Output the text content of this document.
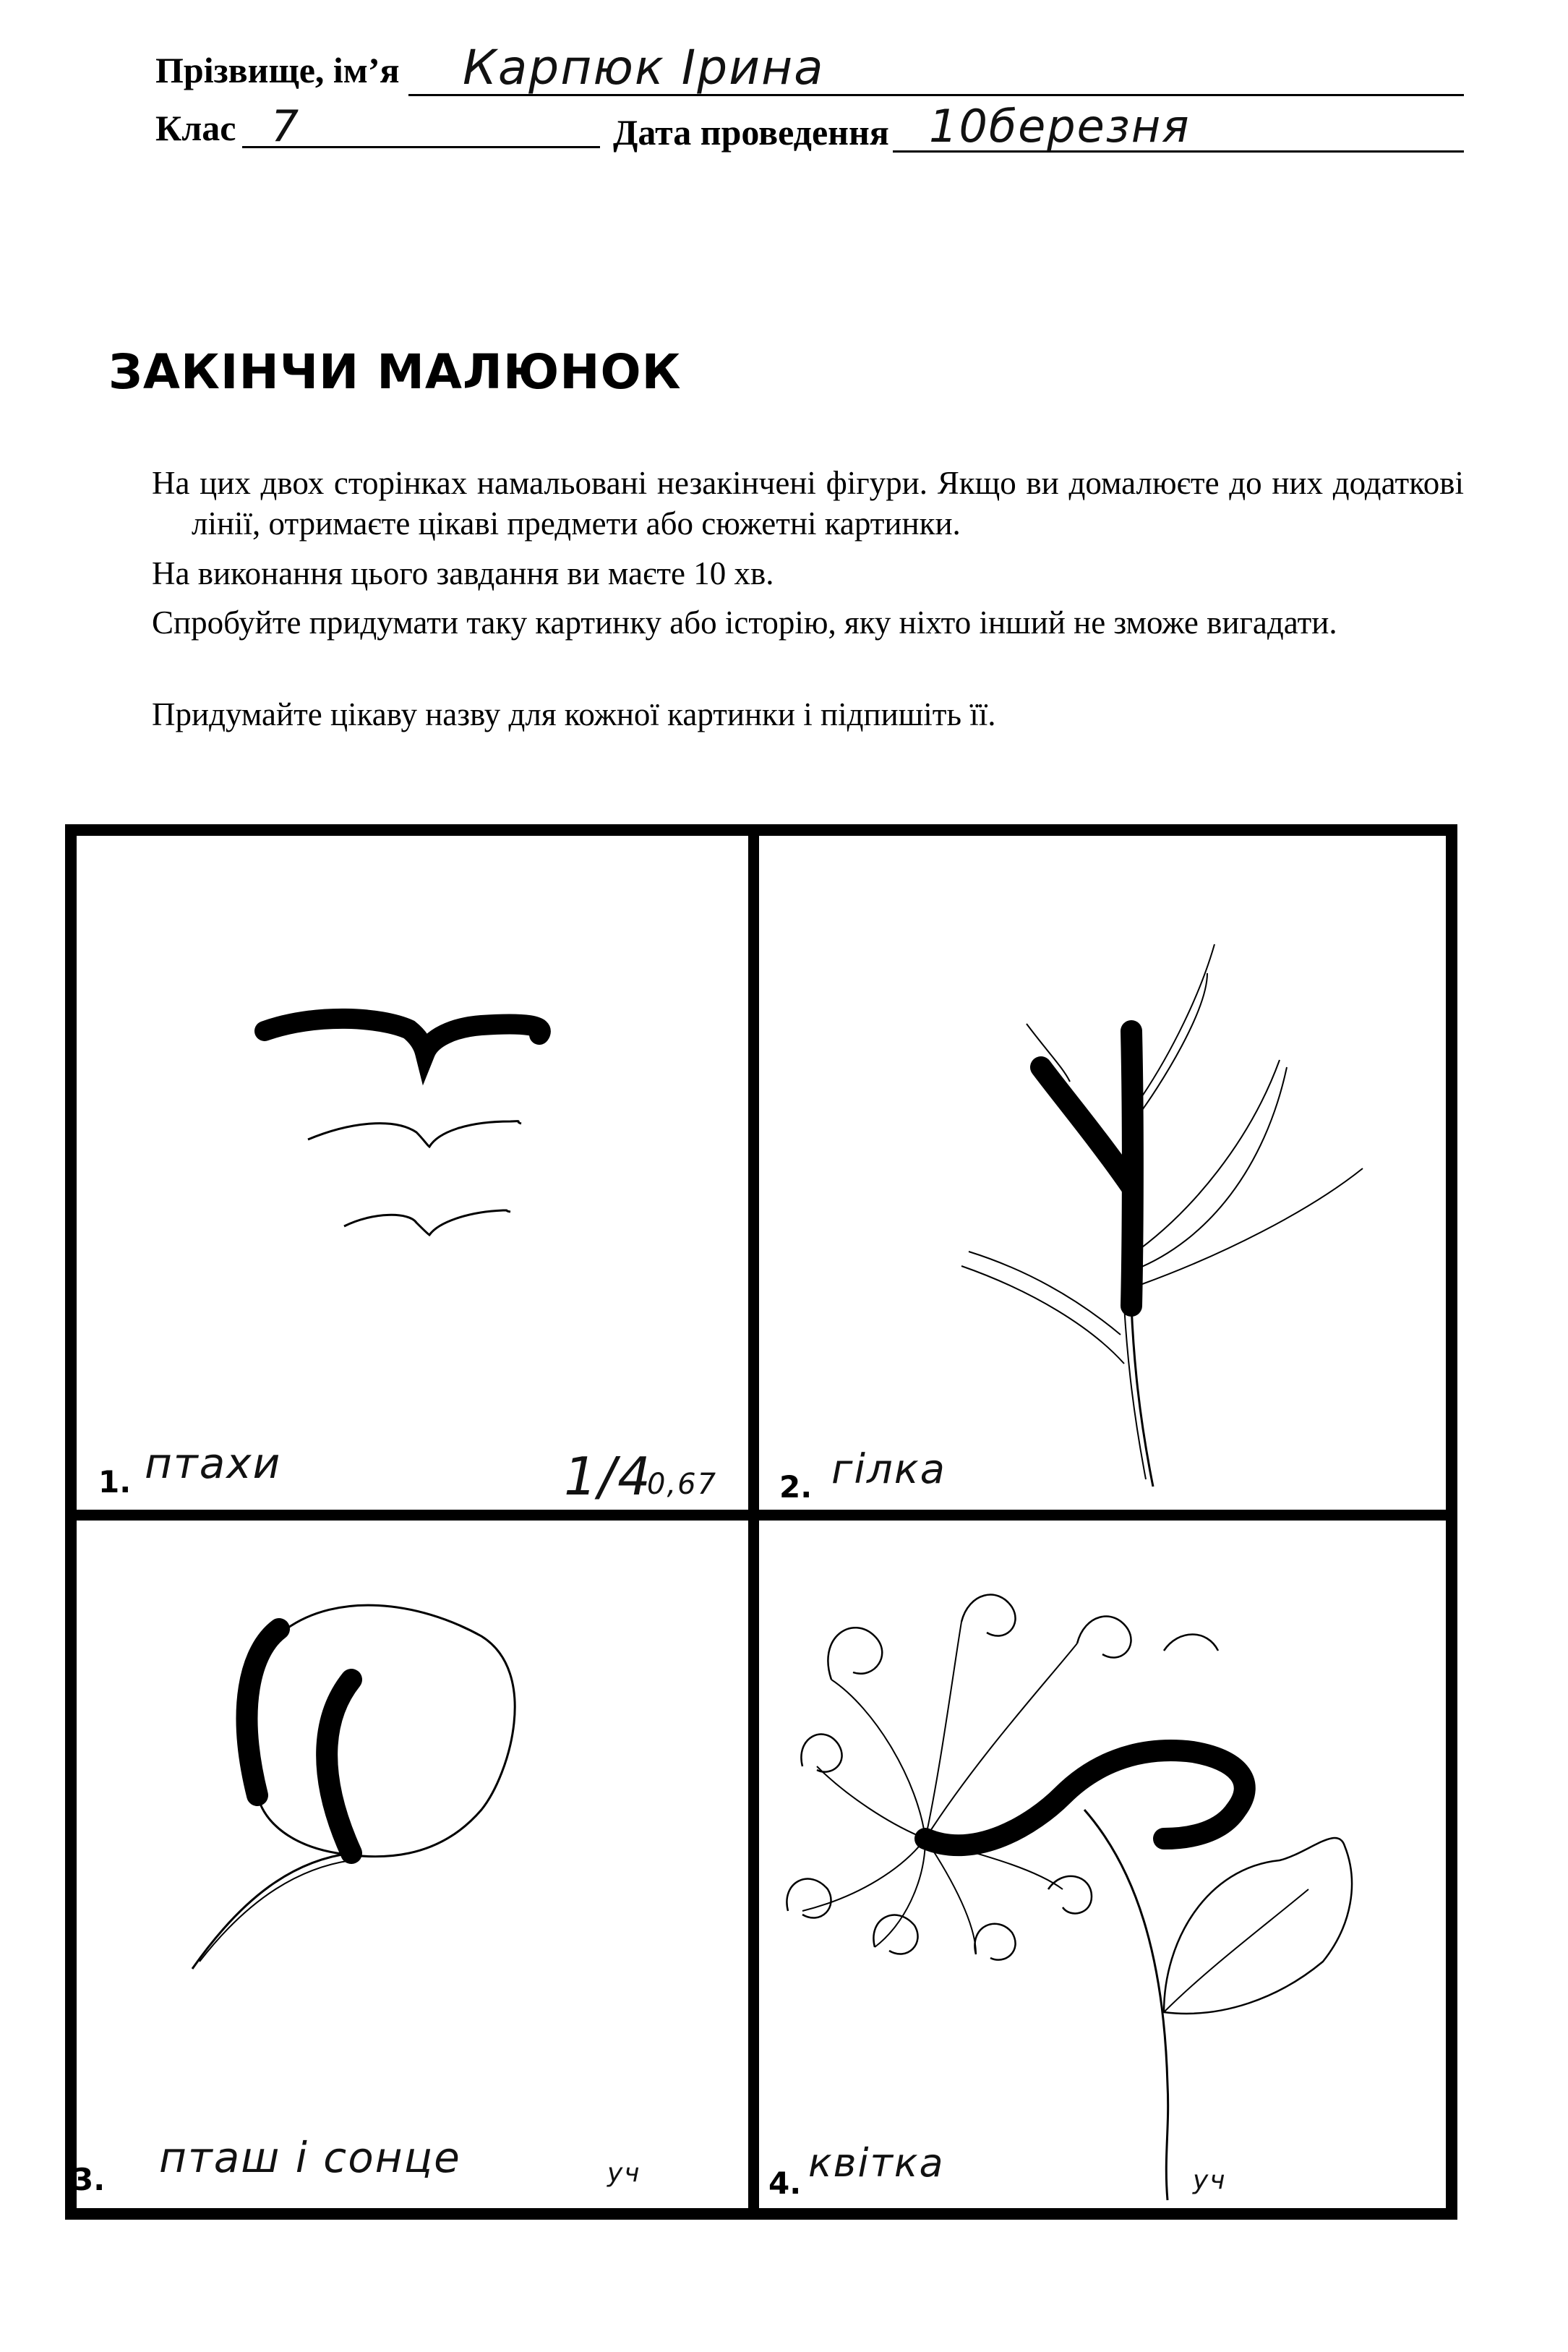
Прізвище, ім’я Карпюк Ірина
Клас 7	Дата проведення 10березня
ЗАКІНЧИ МАЛЮНОК
На цих двох сторінках намальовані незакінчені фігури. Якщо ви домалюєте до них додаткові лінії, отримаєте цікаві предмети або сюжетні картинки.
На виконання цього завдання ви маєте 10 хв.
Спробуйте придумати таку картинку або історію, яку ніхто інший не зможе вигадати.
Придумайте цікаву назву для кожної картинки і підпишіть її.
1. птахи	1/4
0,67 2. гілка
3. пташ і сонце	уч	4. квітка	уч
